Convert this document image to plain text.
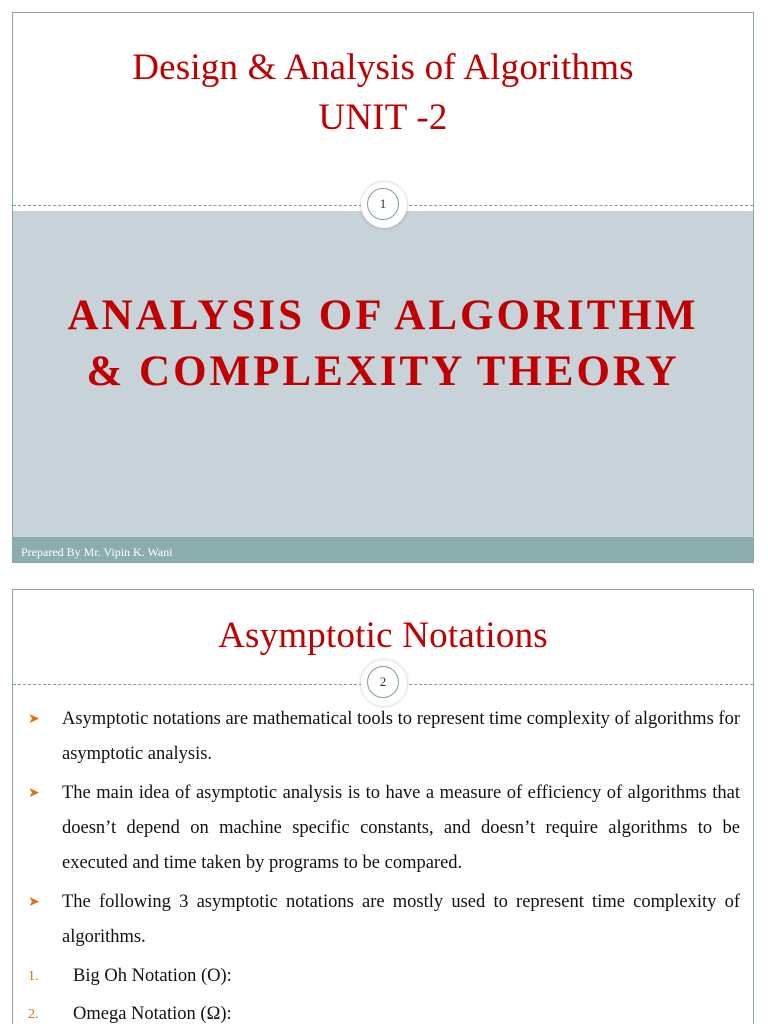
Design & Analysis of Algorithms
UNIT -2
1
ANALYSIS OF ALGORITHM
& COMPLEXITY THEORY
Prepared By Mr. Vipin K. Wani
Asymptotic Notations
2
➤ Asymptotic notations are mathematical tools to represent time complexity of algorithms for asymptotic analysis.
➤ The main idea of asymptotic analysis is to have a measure of efficiency of algorithms that doesn’t depend on machine specific constants, and doesn’t require algorithms to be executed and time taken by programs to be compared.
➤ The following 3 asymptotic notations are mostly used to represent time complexity of algorithms.
1. Big Oh Notation (Ο):
2. Omega Notation (Ω):
